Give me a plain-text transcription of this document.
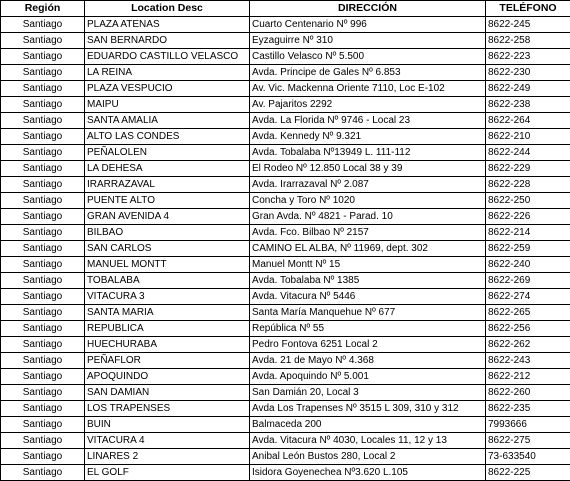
Región	Location Desc	DIRECCIÓN	TELÉFONO
Santiago	PLAZA ATENAS	Cuarto Centenario Nº 996	8622-245
Santiago	SAN BERNARDO	Eyzaguirre Nº 310	8622-258
Santiago	EDUARDO CASTILLO VELASCO	Castillo Velasco Nº 5.500	8622-223
Santiago	LA REINA	Avda. Principe de Gales Nº 6.853	8622-230
Santiago	PLAZA VESPUCIO	Av. Vic. Mackenna Oriente 7110, Loc E-102	8622-249
Santiago	MAIPU	Av. Pajaritos 2292	8622-238
Santiago	SANTA AMALIA	Avda. La Florida Nº 9746 - Local 23	8622-264
Santiago	ALTO LAS CONDES	Avda. Kennedy Nº 9.321	8622-210
Santiago	PEÑALOLEN	Avda. Tobalaba Nº13949 L. 111-112	8622-244
Santiago	LA DEHESA	El Rodeo Nº 12.850 Local 38 y 39	8622-229
Santiago	IRARRAZAVAL	Avda. Irarrazaval Nº 2.087	8622-228
Santiago	PUENTE ALTO	Concha y Toro Nº 1020	8622-250
Santiago	GRAN AVENIDA 4	Gran Avda. Nº 4821 - Parad. 10	8622-226
Santiago	BILBAO	Avda. Fco. Bilbao Nº 2157	8622-214
Santiago	SAN CARLOS	CAMINO EL ALBA, Nº 11969, dept. 302	8622-259
Santiago	MANUEL MONTT	Manuel Montt Nº 15	8622-240
Santiago	TOBALABA	Avda. Tobalaba Nº 1385	8622-269
Santiago	VITACURA 3	Avda. Vitacura Nº 5446	8622-274
Santiago	SANTA MARIA	Santa María Manquehue Nº 677	8622-265
Santiago	REPUBLICA	República Nº 55	8622-256
Santiago	HUECHURABA	Pedro Fontova 6251 Local 2	8622-262
Santiago	PEÑAFLOR	Avda. 21 de Mayo Nº 4.368	8622-243
Santiago	APOQUINDO	Avda. Apoquindo Nº 5.001	8622-212
Santiago	SAN DAMIAN	San Damián 20, Local 3	8622-260
Santiago	LOS TRAPENSES	Avda Los Trapenses Nº 3515 L 309, 310 y 312	8622-235
Santiago	BUIN	Balmaceda 200	7993666
Santiago	VITACURA 4	Avda. Vitacura Nº 4030, Locales 11, 12 y 13	8622-275
Santiago	LINARES 2	Anibal León Bustos 280, Local 2	73-633540
Santiago	EL GOLF	Isidora Goyenechea Nº3.620 L.105	8622-225
